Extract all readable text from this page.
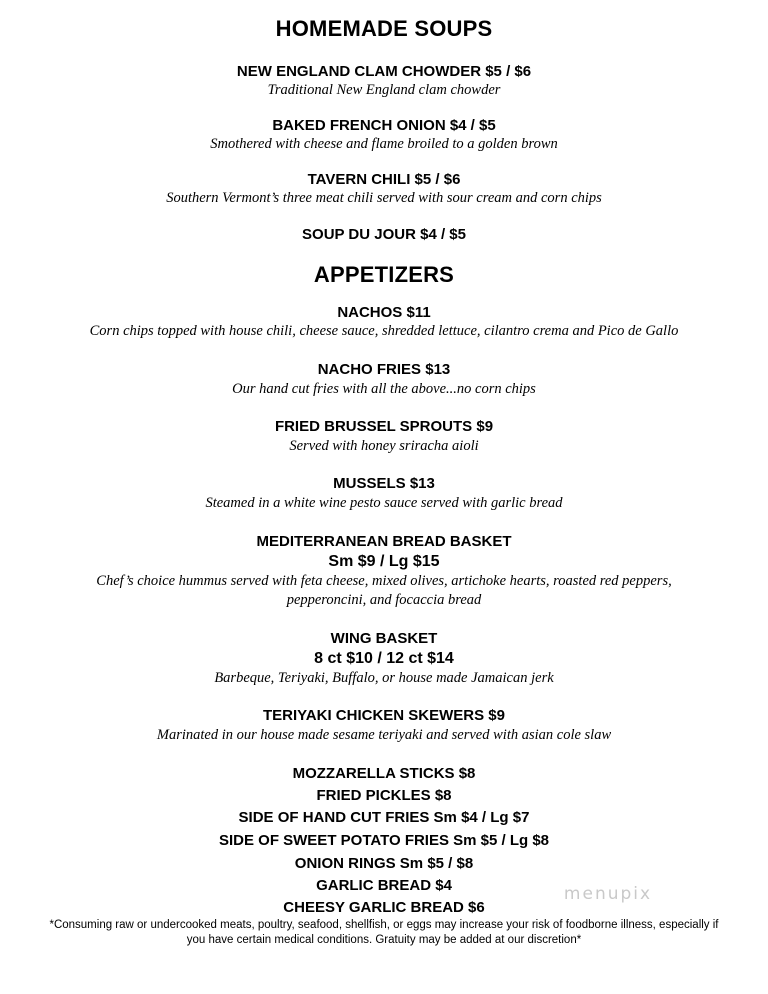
HOMEMADE SOUPS
NEW ENGLAND CLAM CHOWDER $5 / $6
Traditional New England clam chowder
BAKED FRENCH ONION $4 / $5
Smothered with cheese and flame broiled to a golden brown
TAVERN CHILI $5 / $6
Southern Vermont’s three meat chili served with sour cream and corn chips
SOUP DU JOUR $4 / $5
APPETIZERS
NACHOS $11
Corn chips topped with house chili, cheese sauce, shredded lettuce, cilantro crema and Pico de Gallo
NACHO FRIES $13
Our hand cut fries with all the above...no corn chips
FRIED BRUSSEL SPROUTS $9
Served with honey sriracha aioli
MUSSELS $13
Steamed in a white wine pesto sauce served with garlic bread
MEDITERRANEAN BREAD BASKET
Sm $9 / Lg $15
Chef’s choice hummus served with feta cheese, mixed olives, artichoke hearts, roasted red peppers,
pepperoncini, and focaccia bread
WING BASKET
8 ct $10 / 12 ct $14
Barbeque, Teriyaki, Buffalo, or house made Jamaican jerk
TERIYAKI CHICKEN SKEWERS $9
Marinated in our house made sesame teriyaki and served with asian cole slaw
MOZZARELLA STICKS $8
FRIED PICKLES $8
SIDE OF HAND CUT FRIES Sm $4 / Lg $7
SIDE OF SWEET POTATO FRIES Sm $5 / Lg $8
ONION RINGS Sm $5 / $8
GARLIC BREAD $4
CHEESY GARLIC BREAD $6
*Consuming raw or undercooked meats, poultry, seafood, shellfish, or eggs may increase your risk of foodborne illness, especially if
you have certain medical conditions. Gratuity may be added at our discretion*
menupix
